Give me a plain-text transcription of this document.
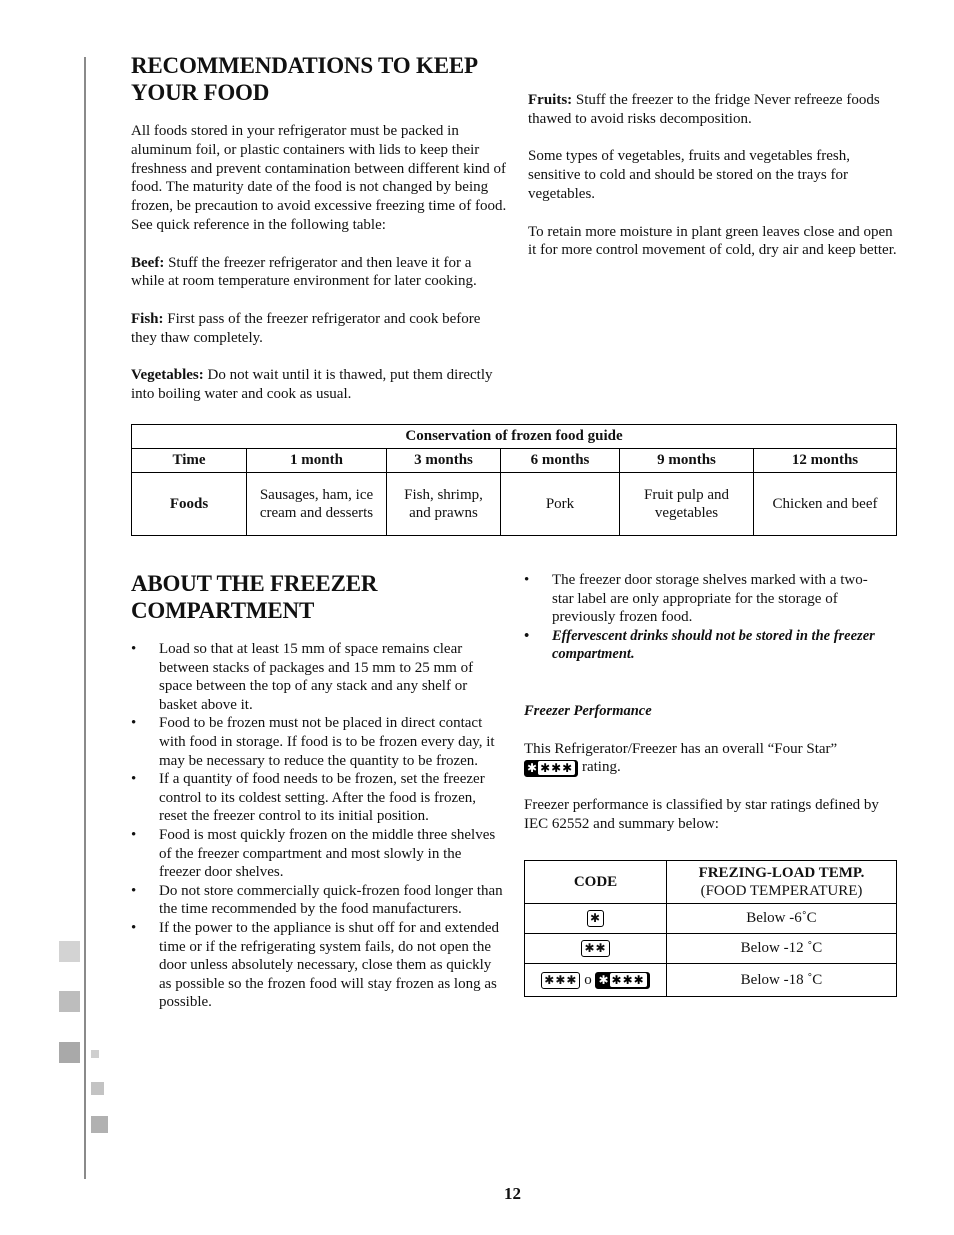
RECOMMENDATIONS TO KEEP YOUR FOOD

All foods stored in your refrigerator must be packed in aluminum foil, or plastic containers with lids to keep their freshness and prevent contamination between different kind of food. The maturity date of the food is not changed by being frozen, be precaution to avoid excessive freezing time of food. See quick reference in the following table:

Beef: Stuff the freezer refrigerator and then leave it for a while at room temperature environment for later cooking.

Fish: First pass of the freezer refrigerator and cook before they thaw completely.

Vegetables: Do not wait until it is thawed, put them directly into boiling water and cook as usual.

Fruits: Stuff the freezer to the fridge Never refreeze foods thawed to avoid risks decomposition.

Some types of vegetables, fruits and vegetables fresh, sensitive to cold and should be stored on the trays for vegetables.

To retain more moisture in plant green leaves close and open it for more control movement of cold, dry air and keep better.

Conservation of frozen food guide					
Time	1 month	3 months	6 months	9 months	12 months
Foods	Sausages, ham, ice cream and desserts	Fish, shrimp, and prawns	Pork	Fruit pulp and vegetables	Chicken and beef
ABOUT THE FREEZER COMPARTMENT
• Load so that at least 15 mm of space remains clear between stacks of packages and 15 mm to 25 mm of space between the top of any stack and any shelf or basket above it.
• Food to be frozen must not be placed in direct contact with food in storage. If food is to be frozen every day, it may be necessary to reduce the quantity to be frozen.
• If a quantity of food needs to be frozen, set the freezer control to its coldest setting. After the food is frozen, reset the freezer control to its initial position.
• Food is most quickly frozen on the middle three shelves of the freezer compartment and most slowly in the freezer door shelves.
• Do not store commercially quick-frozen food longer than the time recommended by the food manufacturers.
• If the power to the appliance is shut off for and extended time or if the refrigerating system fails, do not open the door unless absolutely necessary, close them as quickly as possible so the frozen food will stay frozen as long as possible.
• The freezer door storage shelves marked with a two-star label are only appropriate for the storage of previously frozen food.
• Effervescent drinks should not be stored in the freezer compartment.

Freezer Performance

This Refrigerator/Freezer has an overall “Four Star”
✱ ✱✱✱ rating.

Freezer performance is classified by star ratings defined by IEC 62552 and summary below:

CODE	FREZING-LOAD TEMP.
(FOOD TEMPERATURE)
✱	Below -6˚C
✱✱	Below -12 ˚C
✱✱✱ o ✱ ✱✱✱	Below -18 ˚C
12
